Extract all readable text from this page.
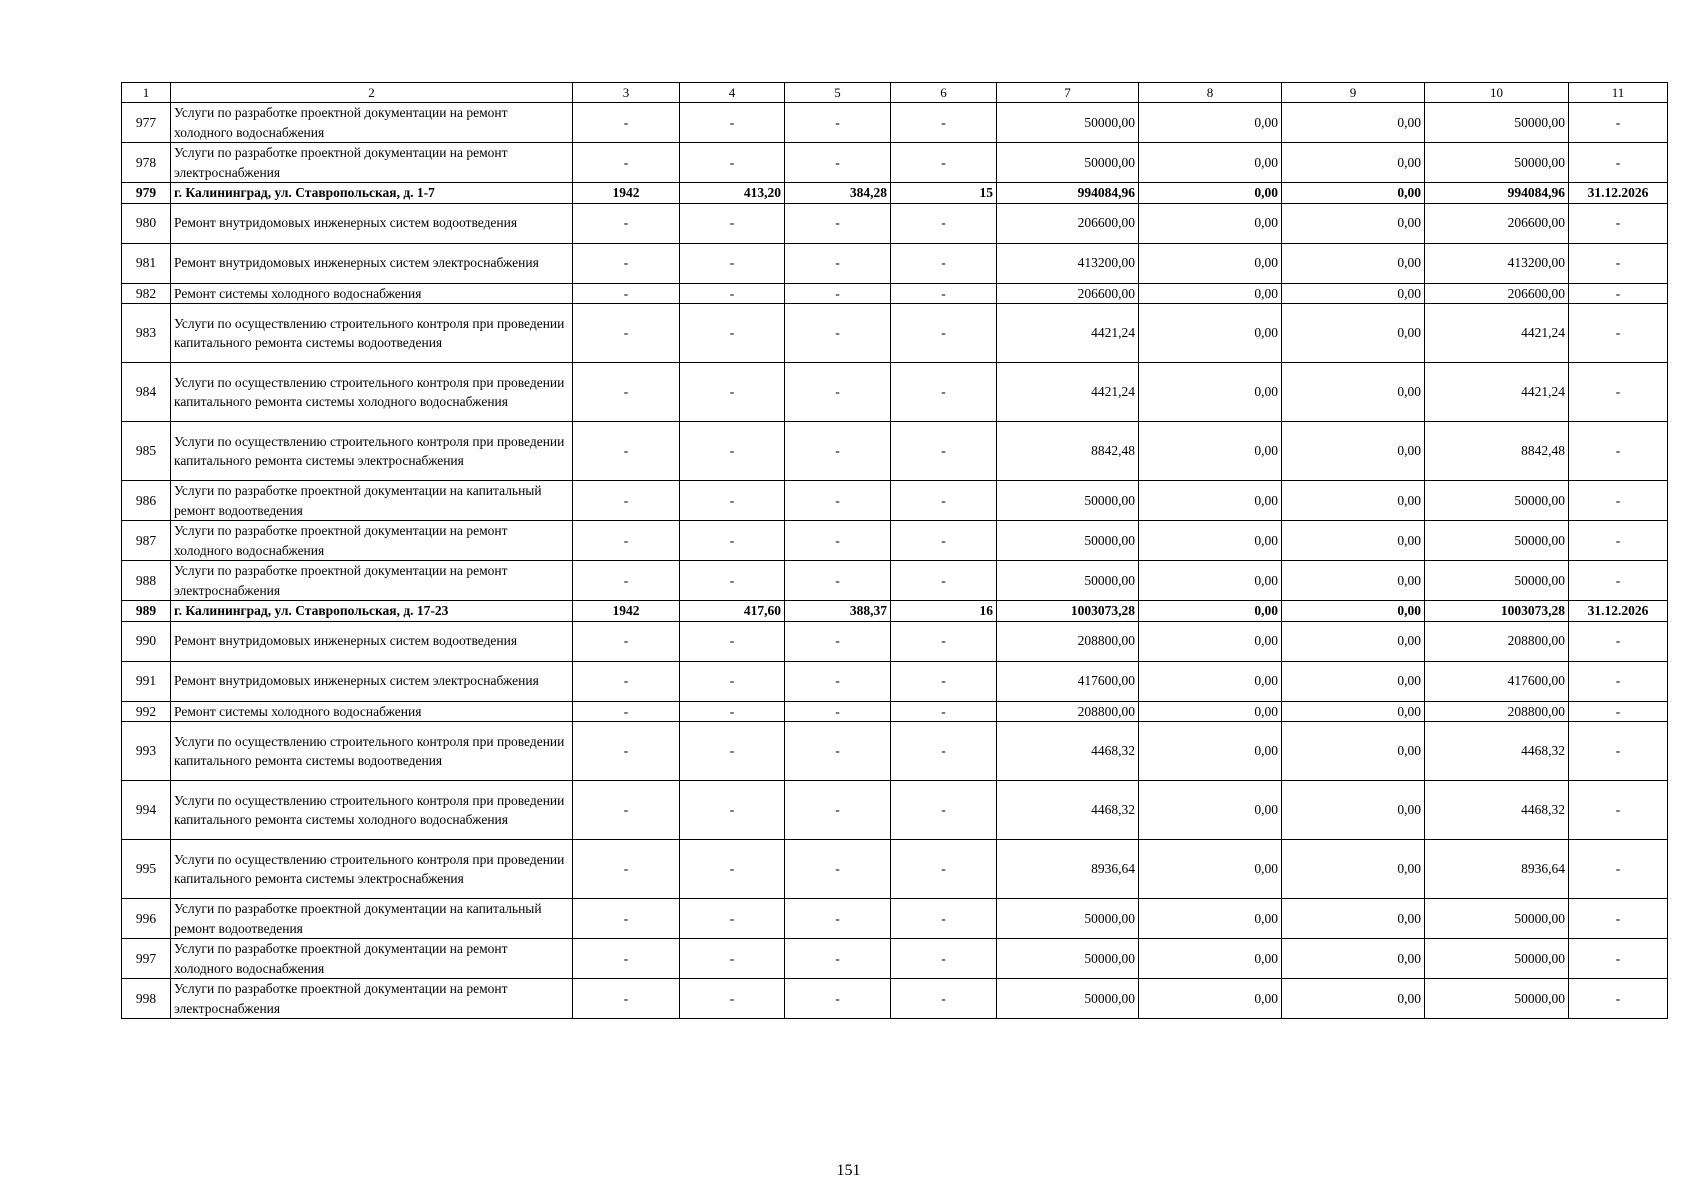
1	2	3	4	5	6	7	8	9	10	11
977	Услуги по разработке проектной документации на ремонт холодного водоснабжения	-	-	-	-	50000,00	0,00	0,00	50000,00	-
978	Услуги по разработке проектной документации на ремонт электроснабжения	-	-	-	-	50000,00	0,00	0,00	50000,00	-
979	г. Калининград, ул. Ставропольская, д. 1-7	1942	413,20	384,28	15	994084,96	0,00	0,00	994084,96	31.12.2026
980	Ремонт внутридомовых инженерных систем водоотведения	-	-	-	-	206600,00	0,00	0,00	206600,00	-
981	Ремонт внутридомовых инженерных систем электроснабжения	-	-	-	-	413200,00	0,00	0,00	413200,00	-
982	Ремонт системы холодного водоснабжения	-	-	-	-	206600,00	0,00	0,00	206600,00	-
983	Услуги по осуществлению строительного контроля при проведении капитального ремонта системы водоотведения	-	-	-	-	4421,24	0,00	0,00	4421,24	-
984	Услуги по осуществлению строительного контроля при проведении капитального ремонта системы холодного водоснабжения	-	-	-	-	4421,24	0,00	0,00	4421,24	-
985	Услуги по осуществлению строительного контроля при проведении капитального ремонта системы электроснабжения	-	-	-	-	8842,48	0,00	0,00	8842,48	-
986	Услуги по разработке проектной документации на капитальный ремонт водоотведения	-	-	-	-	50000,00	0,00	0,00	50000,00	-
987	Услуги по разработке проектной документации на ремонт холодного водоснабжения	-	-	-	-	50000,00	0,00	0,00	50000,00	-
988	Услуги по разработке проектной документации на ремонт электроснабжения	-	-	-	-	50000,00	0,00	0,00	50000,00	-
989	г. Калининград, ул. Ставропольская, д. 17-23	1942	417,60	388,37	16	1003073,28	0,00	0,00	1003073,28	31.12.2026
990	Ремонт внутридомовых инженерных систем водоотведения	-	-	-	-	208800,00	0,00	0,00	208800,00	-
991	Ремонт внутридомовых инженерных систем электроснабжения	-	-	-	-	417600,00	0,00	0,00	417600,00	-
992	Ремонт системы холодного водоснабжения	-	-	-	-	208800,00	0,00	0,00	208800,00	-
993	Услуги по осуществлению строительного контроля при проведении капитального ремонта системы водоотведения	-	-	-	-	4468,32	0,00	0,00	4468,32	-
994	Услуги по осуществлению строительного контроля при проведении капитального ремонта системы холодного водоснабжения	-	-	-	-	4468,32	0,00	0,00	4468,32	-
995	Услуги по осуществлению строительного контроля при проведении капитального ремонта системы электроснабжения	-	-	-	-	8936,64	0,00	0,00	8936,64	-
996	Услуги по разработке проектной документации на капитальный ремонт водоотведения	-	-	-	-	50000,00	0,00	0,00	50000,00	-
997	Услуги по разработке проектной документации на ремонт холодного водоснабжения	-	-	-	-	50000,00	0,00	0,00	50000,00	-
998	Услуги по разработке проектной документации на ремонт электроснабжения	-	-	-	-	50000,00	0,00	0,00	50000,00	-
151
